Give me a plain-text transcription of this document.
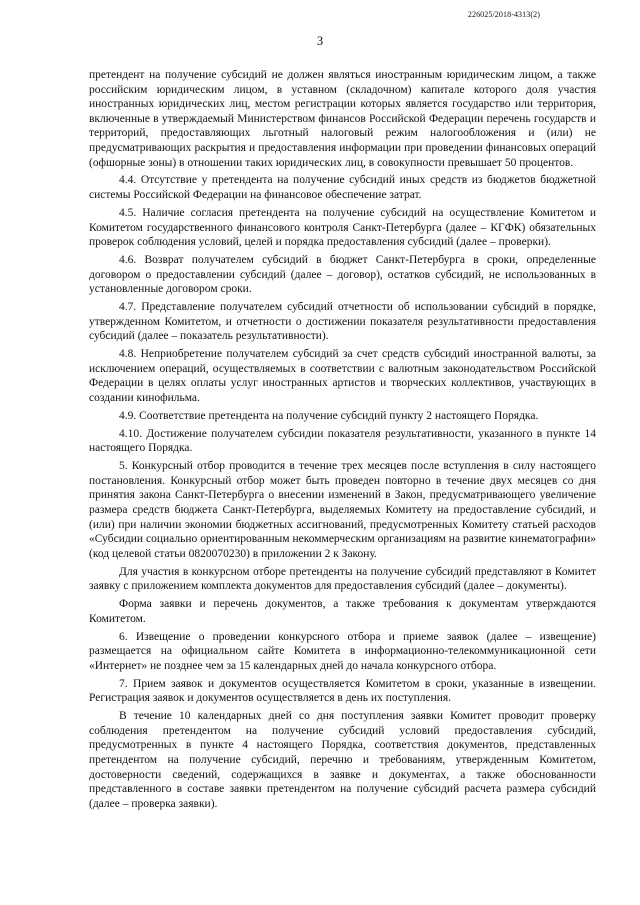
226025/2018-4313(2)
3

претендент на получение субсидий не должен являться иностранным юридическим лицом, а также российским юридическим лицом, в уставном (складочном) капитале которого доля участия иностранных юридических лиц, местом регистрации которых является государство или территория, включенные в утверждаемый Министерством финансов Российской Федерации перечень государств и территорий, предоставляющих льготный налоговый режим налогообложения и (или) не предусматривающих раскрытия и предоставления информации при проведении финансовых операций (офшорные зоны) в отношении таких юридических лиц, в совокупности превышает 50 процентов.

4.4. Отсутствие у претендента на получение субсидий иных средств из бюджетов бюджетной системы Российской Федерации на финансовое обеспечение затрат.

4.5. Наличие согласия претендента на получение субсидий на осуществление Комитетом и Комитетом государственного финансового контроля Санкт-Петербурга (далее – КГФК) обязательных проверок соблюдения условий, целей и порядка предоставления субсидий (далее – проверки).

4.6. Возврат получателем субсидий в бюджет Санкт-Петербурга в сроки, определенные договором о предоставлении субсидий (далее – договор), остатков субсидий, не использованных в установленные договором сроки.

4.7. Представление получателем субсидий отчетности об использовании субсидий в порядке, утвержденном Комитетом, и отчетности о достижении показателя результативности предоставления субсидий (далее – показатель результативности).

4.8. Неприобретение получателем субсидий за счет средств субсидий иностранной валюты, за исключением операций, осуществляемых в соответствии с валютным законодательством Российской Федерации в целях оплаты услуг иностранных артистов и творческих коллективов, участвующих в создании кинофильма.

4.9. Соответствие претендента на получение субсидий пункту 2 настоящего Порядка.

4.10. Достижение получателем субсидии показателя результативности, указанного в пункте 14 настоящего Порядка.

5. Конкурсный отбор проводится в течение трех месяцев после вступления в силу настоящего постановления. Конкурсный отбор может быть проведен повторно в течение двух месяцев со дня принятия закона Санкт-Петербурга о внесении изменений в Закон, предусматривающего увеличение размера средств бюджета Санкт-Петербурга, выделяемых Комитету на предоставление субсидий, и (или) при наличии экономии бюджетных ассигнований, предусмотренных Комитету статьей расходов «Субсидии социально ориентированным некоммерческим организациям на развитие кинематографии» (код целевой статьи 0820070230) в приложении 2 к Закону.

Для участия в конкурсном отборе претенденты на получение субсидий представляют в Комитет заявку с приложением комплекта документов для предоставления субсидий (далее – документы).

Форма заявки и перечень документов, а также требования к документам утверждаются Комитетом.

6. Извещение о проведении конкурсного отбора и приеме заявок (далее – извещение) размещается на официальном сайте Комитета в информационно-телекоммуникационной сети «Интернет» не позднее чем за 15 календарных дней до начала конкурсного отбора.

7. Прием заявок и документов осуществляется Комитетом в сроки, указанные в извещении. Регистрация заявок и документов осуществляется в день их поступления.

В течение 10 календарных дней со дня поступления заявки Комитет проводит проверку соблюдения претендентом на получение субсидий условий предоставления субсидий, предусмотренных в пункте 4 настоящего Порядка, соответствия документов, представленных претендентом на получение субсидий, перечню и требованиям, утвержденным Комитетом, достоверности сведений, содержащихся в заявке и документах, а также обоснованности представленного в составе заявки претендентом на получение субсидий расчета размера субсидий (далее – проверка заявки).
